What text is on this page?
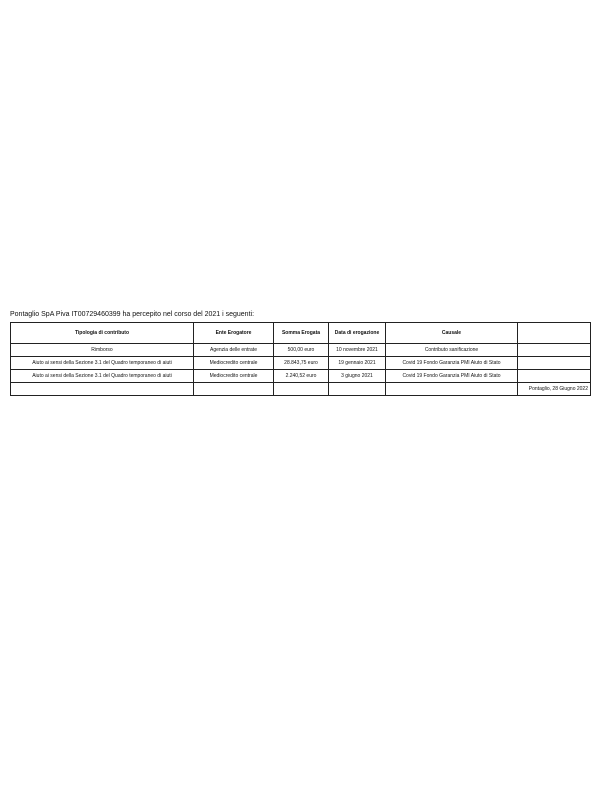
Pontaglio SpA Piva IT00729460399 ha percepito nel corso del 2021 i seguenti:
Tipologia di contributo	Ente Erogatore	Somma Erogata	Data di erogazione	Causale	
Rimborso	Agenzia delle entrate	500,00 euro	10 novembre 2021	Contributo sanificazione	
Aiuto ai sensi della Sezione 3.1 del Quadro temporaneo di aiuti	Mediocredito centrale	28.843,75 euro	19 gennaio 2021	Covid 19 Fondo Garanzia PMI Aiuto di Stato	
Aiuto ai sensi della Sezione 3.1 del Quadro temporaneo di aiuti	Mediocredito centrale	2.240,52 euro	3 giugno 2021	Covid 19 Fondo Garanzia PMI Aiuto di Stato	
					Pontaglio, 28 Giugno 2022
